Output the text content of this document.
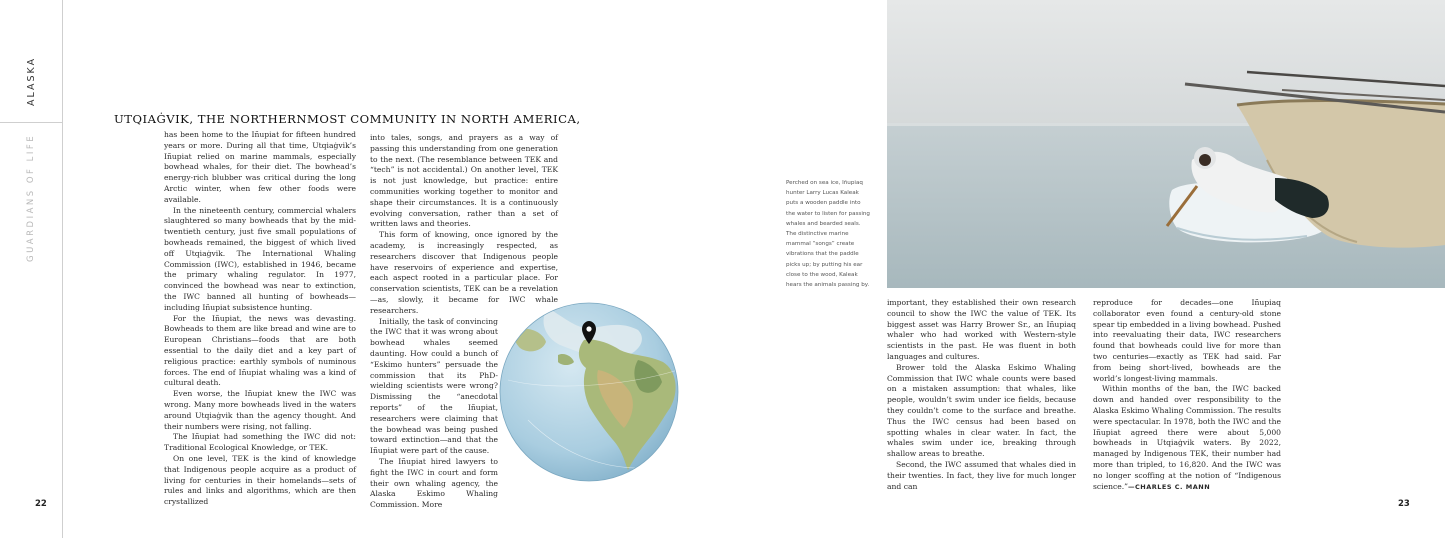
ALASKA
GUARDIANS OF LIFE
22	23
UTQIAĠVIK, THE NORTHERNMOST COMMUNITY IN NORTH AMERICA,

has been home to the Iñupiat for fifteen hundred years or more. During all that time, Utqiaġvik’s Iñupiat relied on marine mammals, especially bowhead whales, for their diet. The bowhead’s energy-rich blubber was critical during the long Arctic winter, when few other foods were available.

In the nineteenth century, commercial whalers slaughtered so many bowheads that by the mid-twentieth century, just five small populations of bowheads remained, the biggest of which lived off Utqiaġvik. The International Whaling Commission (IWC), established in 1946, became the primary whaling regulator. In 1977, convinced the bowhead was near to extinction, the IWC banned all hunting of bowheads—including Iñupiat subsistence hunting.

For the Iñupiat, the news was devasting. Bowheads to them are like bread and wine are to European Christians—foods that are both essential to the daily diet and a key part of religious practice: earthly symbols of numinous forces. The end of Iñupiat whaling was a kind of cultural death.

Even worse, the Iñupiat knew the IWC was wrong. Many more bowheads lived in the waters around Utqiaġvik than the agency thought. And their numbers were rising, not falling.

The Iñupiat had something the IWC did not: Traditional Ecological Knowledge, or TEK.

On one level, TEK is the kind of knowledge that Indigenous people acquire as a product of living for centuries in their homelands—sets of rules and links and algorithms, which are then crystallized

into tales, songs, and prayers as a way of passing this understanding from one generation to the next. (The resemblance between TEK and “tech” is not accidental.) On another level, TEK is not just knowledge, but practice: entire communities working together to monitor and shape their circumstances. It is a continuously evolving conversation, rather than a set of written laws and theories.

This form of knowing, once ignored by the academy, is increasingly respected, as researchers discover that Indigenous people have reservoirs of experience and expertise, each aspect rooted in a particular place. For conservation scientists, TEK can be a revelation—as, slowly, it became for IWC whale researchers.

Initially, the task of convincing the IWC that it was wrong about bowhead whales seemed daunting. How could a bunch of “Eskimo hunters” persuade the commission that its PhD-wielding scientists were wrong? Dismissing the “anecdotal reports” of the Iñupiat, researchers were claiming that the bowhead was being pushed toward extinction—and that the Iñupiat were part of the cause.

The Iñupiat hired lawyers to fight the IWC in court and form their own whaling agency, the Alaska Eskimo Whaling Commission. More

Perched on sea ice, Iñupiaq hunter Larry Lucas Kaleak puts a wooden paddle into the water to listen for passing whales and bearded seals. The distinctive marine mammal “songs” create vibrations that the paddle picks up; by putting his ear close to the wood, Kaleak hears the animals passing by.

important, they established their own research council to show the IWC the value of TEK. Its biggest asset was Harry Brower Sr., an Iñupiaq whaler who had worked with Western-style scientists in the past. He was fluent in both languages and cultures.

Brower told the Alaska Eskimo Whaling Commission that IWC whale counts were based on a mistaken assumption: that whales, like people, wouldn’t swim under ice fields, because they couldn’t come to the surface and breathe. Thus the IWC census had been based on spotting whales in clear water. In fact, the whales swim under ice, breaking through shallow areas to breathe.

Second, the IWC assumed that whales died in their twenties. In fact, they live for much longer and can

reproduce for decades—one Iñupiaq collaborator even found a century-old stone spear tip embedded in a living bowhead. Pushed into reevaluating their data, IWC researchers found that bowheads could live for more than two centuries—exactly as TEK had said. Far from being short-lived, bowheads are the world’s longest-living mammals.

Within months of the ban, the IWC backed down and handed over responsibility to the Alaska Eskimo Whaling Commission. The results were spectacular. In 1978, both the IWC and the Iñupiat agreed there were about 5,000 bowheads in Utqiaġvik waters. By 2022, managed by Indigenous TEK, their number had more than tripled, to 16,820. And the IWC was no longer scoffing at the notion of “Indigenous science.”—CHARLES C. MANN
